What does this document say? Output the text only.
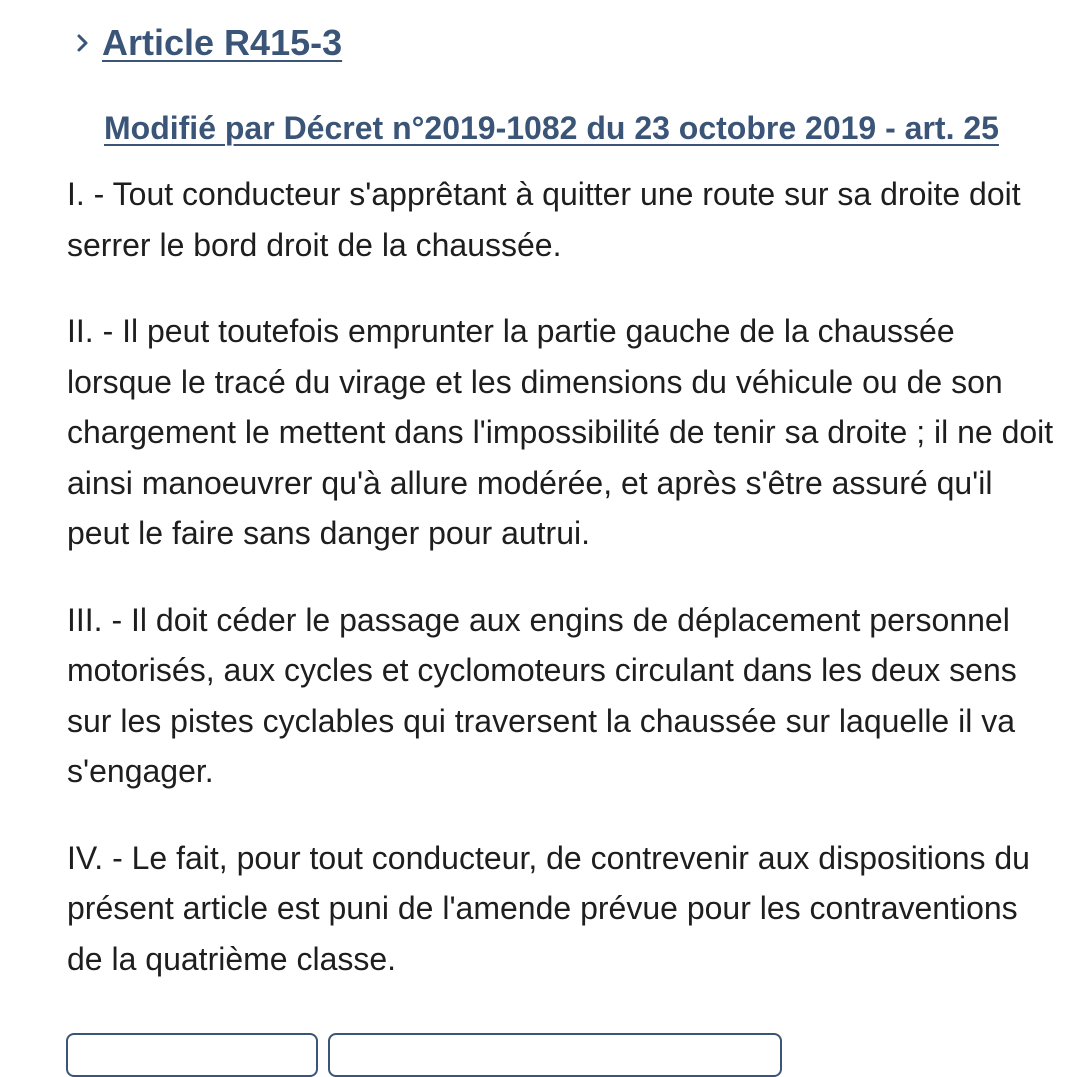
Article R415-3
Modifié par Décret n°2019-1082 du 23 octobre 2019 - art. 25

I. - Tout conducteur s'apprêtant à quitter une route sur sa droite doit serrer le bord droit de la chaussée.

II. - Il peut toutefois emprunter la partie gauche de la chaussée lorsque le tracé du virage et les dimensions du véhicule ou de son chargement le mettent dans l'impossibilité de tenir sa droite ; il ne doit ainsi manoeuvrer qu'à allure modérée, et après s'être assuré qu'il peut le faire sans danger pour autrui.

III. - Il doit céder le passage aux engins de déplacement personnel motorisés, aux cycles et cyclomoteurs circulant dans les deux sens sur les pistes cyclables qui traversent la chaussée sur laquelle il va s'engager.

IV. - Le fait, pour tout conducteur, de contrevenir aux dispositions du présent article est puni de l'amende prévue pour les contraventions de la quatrième classe.
